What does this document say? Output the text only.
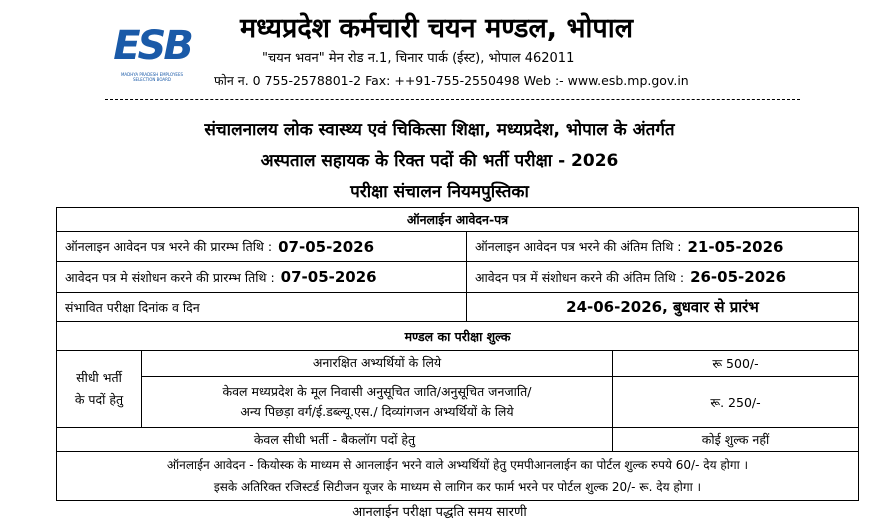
ESB
MADHYA PRADESH EMPLOYEES SELECTION BOARD
मध्यप्रदेश कर्मचारी चयन मण्डल, भोपाल
"चयन भवन" मेन रोड न.1, चिनार पार्क (ईस्ट), भोपाल 462011
फोन न. 0 755-2578801-2 Fax: ++91-755-2550498 Web :- www.esb.mp.gov.in
संचालनालय लोक स्वास्थ्य एवं चिकित्सा शिक्षा, मध्यप्रदेश, भोपाल के अंतर्गत
अस्पताल सहायक के रिक्त पदों की भर्ती परीक्षा - 2026
परीक्षा संचालन नियमपुस्तिका
ऑनलाईन आवेदन-पत्र
ऑनलाइन आवेदन पत्र भरने की प्रारम्भ तिथि : 07-05-2026	ऑनलाइन आवेदन पत्र भरने की अंतिम तिथि : 21-05-2026
आवेदन पत्र मे संशोधन करने की प्रारम्भ तिथि : 07-05-2026	आवेदन पत्र में संशोधन करने की अंतिम तिथि : 26-05-2026
संभावित परीक्षा दिनांक व दिन	24-06-2026, बुधवार से प्रारंभ
मण्डल का परीक्षा शुल्क
सीधी भर्ती
के पदों हेतु
अनारक्षित अभ्यर्थियों के लिये	रू 500/-
केवल मध्यप्रदेश के मूल निवासी अनुसूचित जाति/अनुसूचित जनजाति/
अन्य पिछड़ा वर्ग/ई.डब्ल्यू.एस./ दिव्यांगजन अभ्यर्थियों के लिये
रू. 250/-
केवल सीधी भर्ती - बैकलॉग पदों हेतु	कोई शुल्क नहीं
ऑनलाईन आवेदन - कियोस्क के माध्यम से आनलाईन भरने वाले अभ्यर्थियों हेतु एमपीआनलाईन का पोर्टल शुल्क रुपये 60/- देय होगा ।
इसके अतिरिक्त रजिस्टर्ड सिटीजन यूजर के माध्यम से लागिन कर फार्म भरने पर पोर्टल शुल्क 20/- रू. देय होगा ।
आनलाईन परीक्षा पद्धति समय सारणी
